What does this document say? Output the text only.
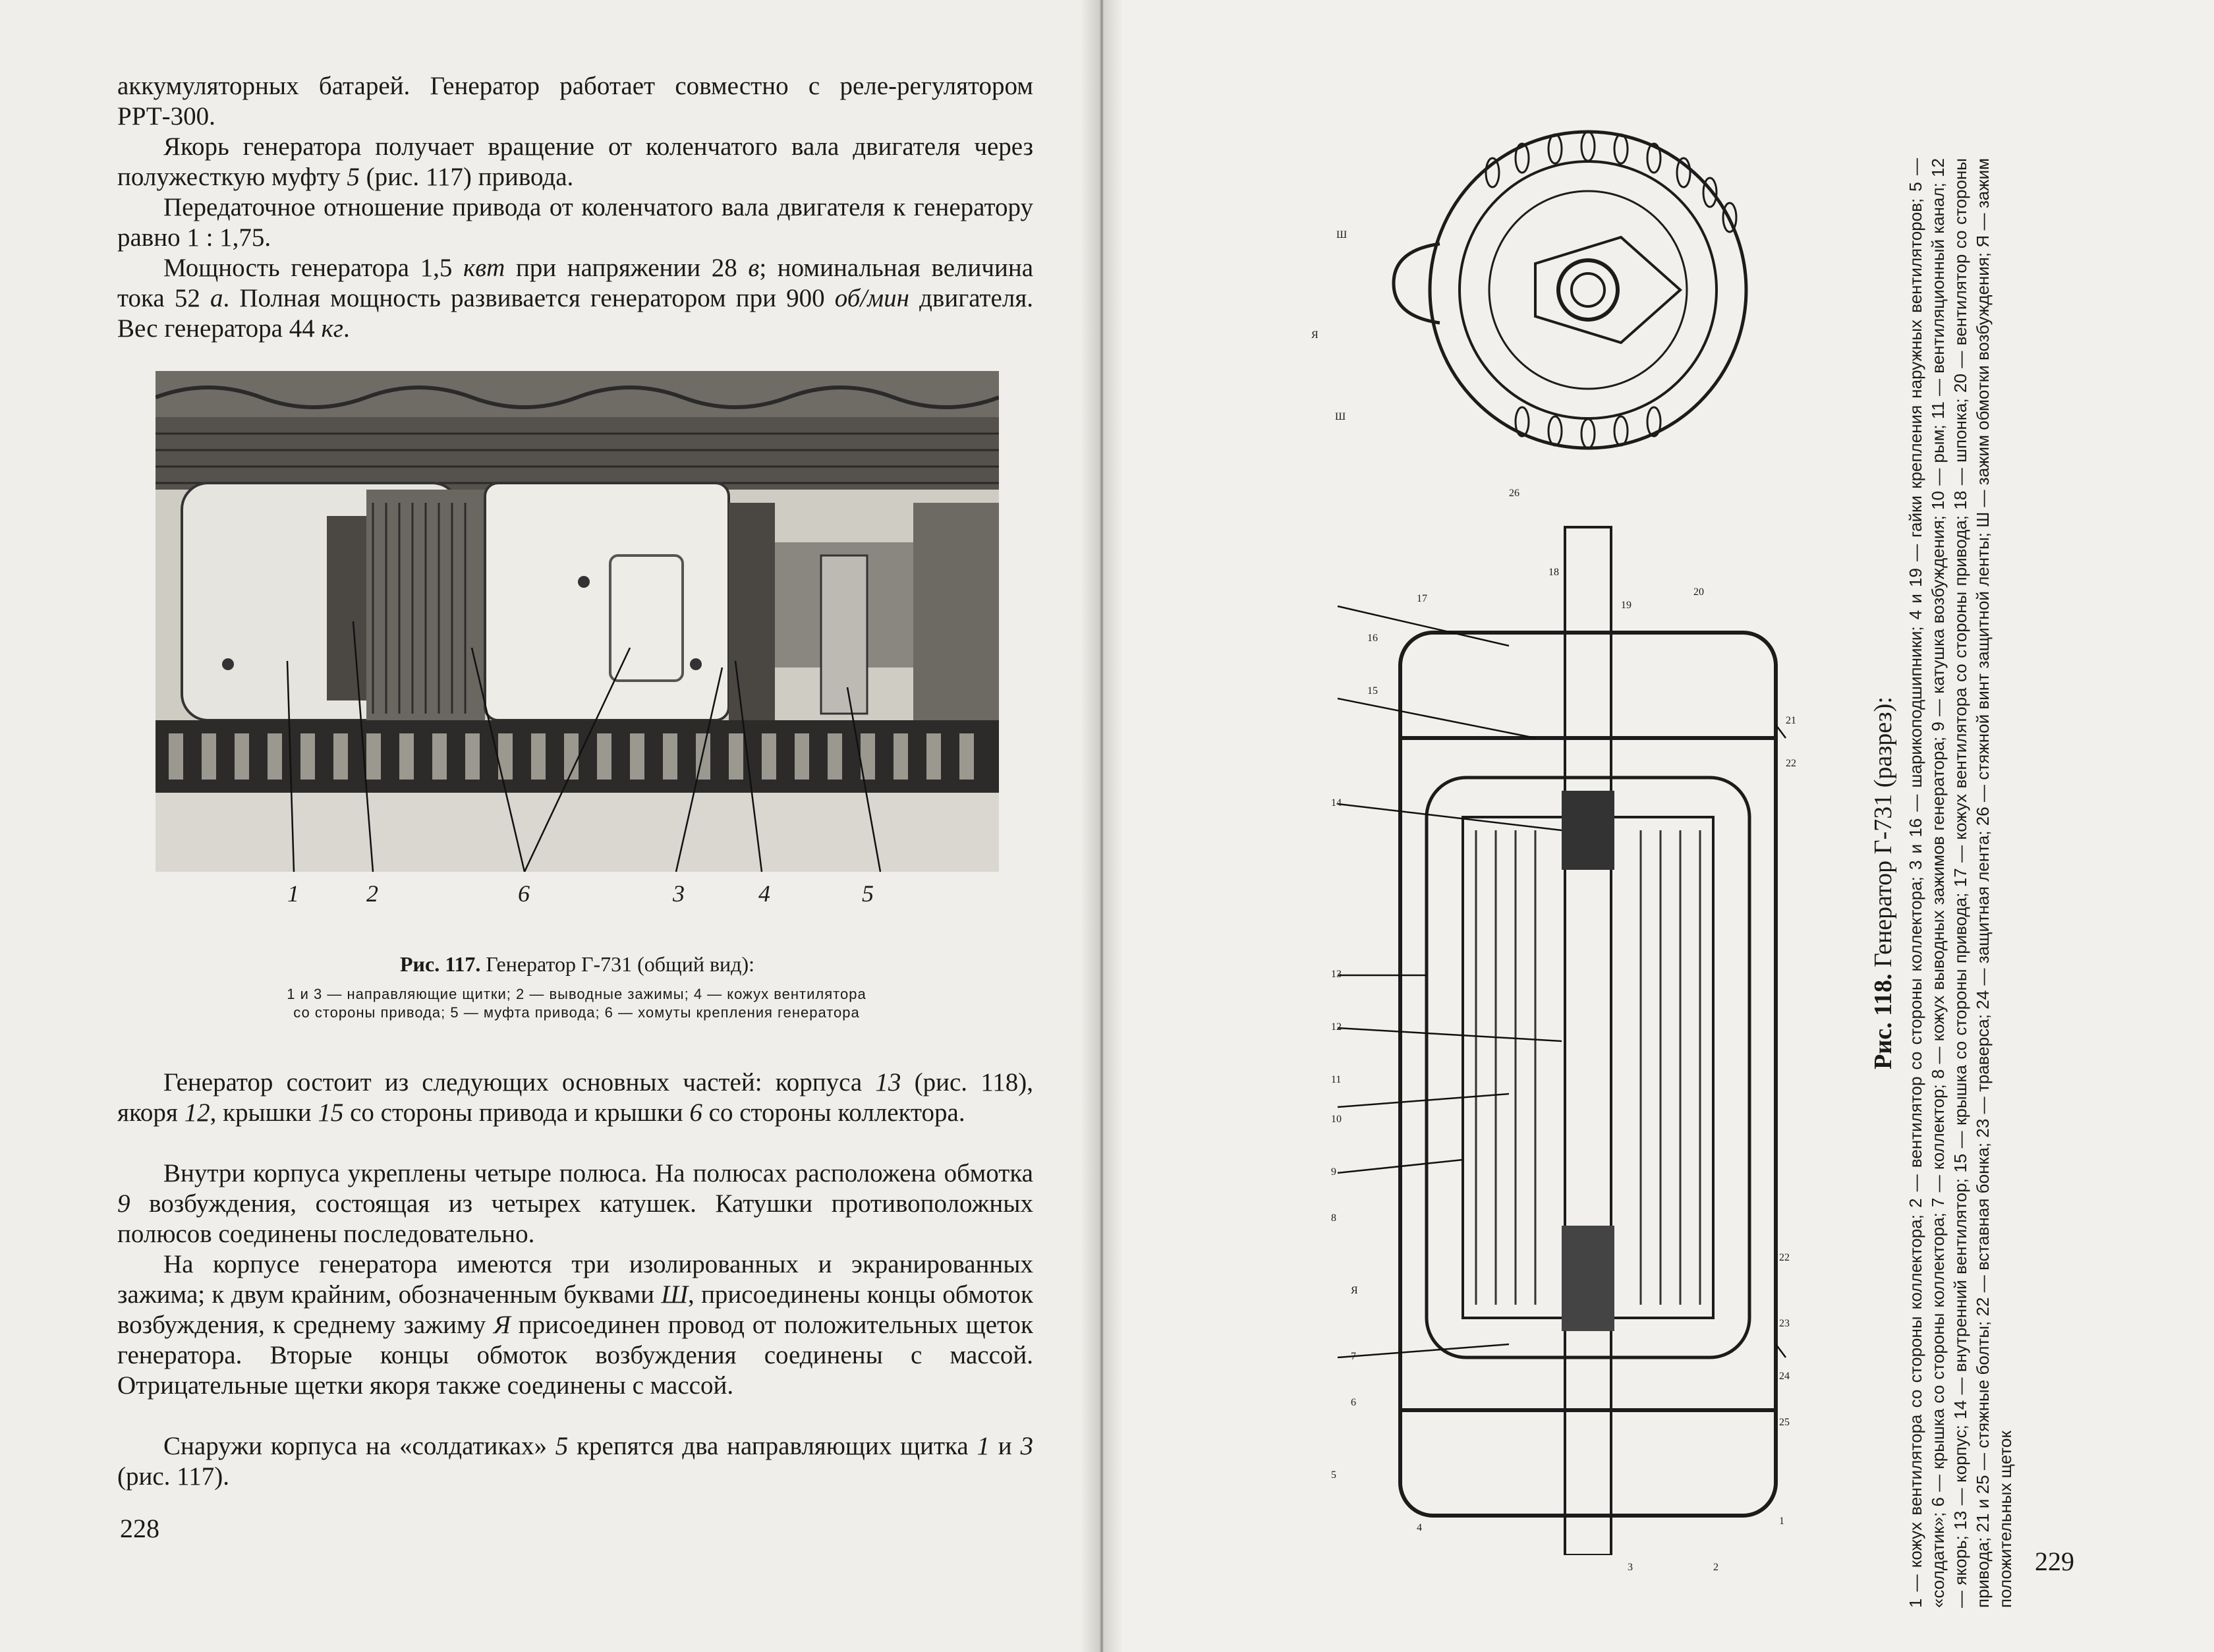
аккумуляторных батарей. Генератор работает совместно с реле-регулятором РРТ-300.

Якорь генератора получает вращение от коленчатого вала двигателя через полужесткую муфту 5 (рис. 117) привода.

Передаточное отношение привода от коленчатого вала двигателя к генератору равно 1 : 1,75.

Мощность генератора 1,5 квт при напряжении 28 в; номинальная величина тока 52 а. Полная мощность развивается генератором при 900 об/мин двигателя. Вес генератора 44 кг.

1	2	6	3	4	5
Рис. 117. Генератор Г-731 (общий вид):
1 и 3 — направляющие щитки; 2 — выводные зажимы; 4 — кожух вентилятора
со стороны привода; 5 — муфта привода; 6 — хомуты крепления генератора

Генератор состоит из следующих основных частей: корпуса 13 (рис. 118), якоря 12, крышки 15 со стороны привода и крышки 6 со стороны коллектора.

Внутри корпуса укреплены четыре полюса. На полюсах расположена обмотка 9 возбуждения, состоящая из четырех катушек. Катушки противоположных полюсов соединены последовательно.

На корпусе генератора имеются три изолированных и экранированных зажима; к двум крайним, обозначенным буквами Ш, присоединены концы обмоток возбуждения, к среднему зажиму Я присоединен провод от положительных щеток генератора. Вторые концы обмоток возбуждения соединены с массой. Отрицательные щетки якоря также соединены с массой.

Снаружи корпуса на «солдатиках» 5 крепятся два направляющих щитка 1 и 3 (рис. 117).

228
Ш
Я
Ш
26
18
19
20
17
16
15
14
13
12
11
10
9
8
Я
7
6
5
4
22
21
22
23
24
25
1
2
3
Рис. 118. Генератор Г-731 (разрез): 1 — кожух вентилятора со стороны коллектора; 2 — вентилятор со стороны коллектора; 3 и 16 — шарикоподшипники; 4 и 19 — гайки крепления наружных вентиляторов; 5 — «солдатик»; 6 — крышка со стороны коллектора; 7 — коллектор; 8 — кожух выводных зажимов генератора; 9 — катушка возбуждения; 10 — рым; 11 — вентиляционный канал; 12 — якорь; 13 — корпус; 14 — внутренний вентилятор; 15 — крышка со стороны привода; 17 — кожух вентилятора со стороны привода; 18 — шпонка; 20 — вентилятор со стороны привода; 21 и 25 — стяжные болты; 22 — вставная бонка; 23 — траверса; 24 — защитная лента; 26 — стяжной винт защитной ленты; Ш — зажим обмотки возбуждения; Я — зажим положительных щеток 229
